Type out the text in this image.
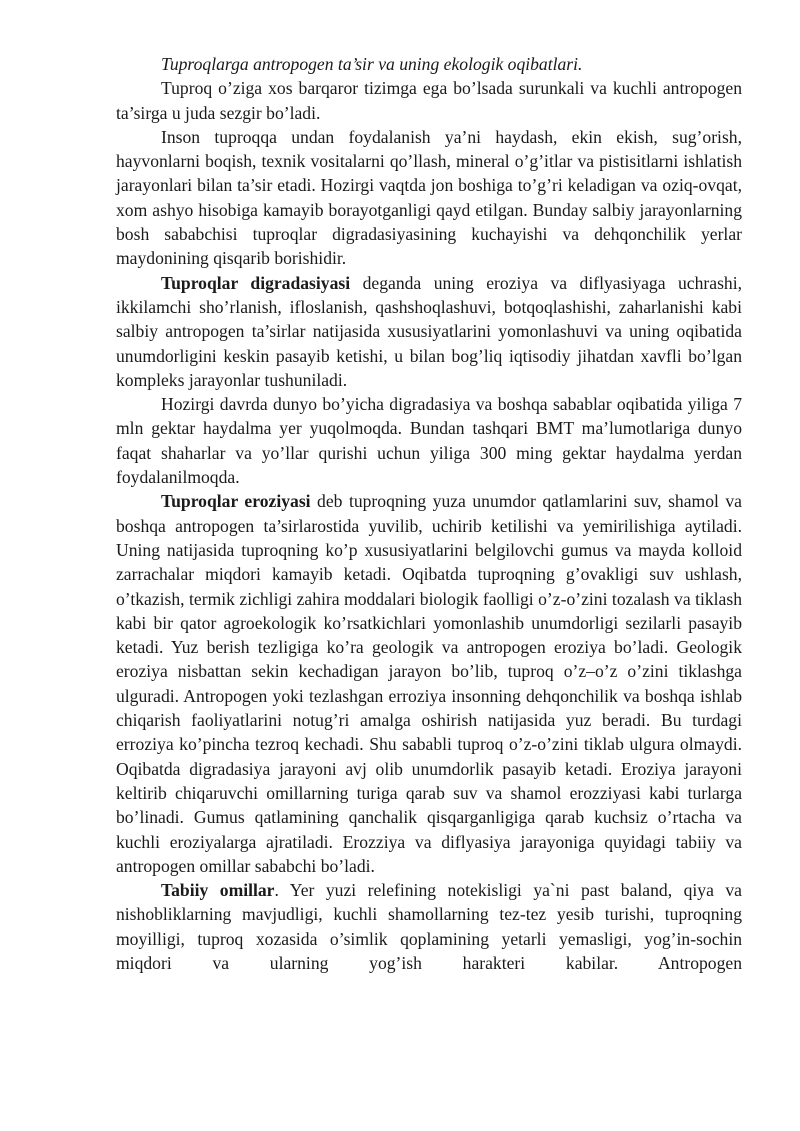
Tuproqlarga antropogen ta’sir va uning ekologik oqibatlari.

Tuproq o’ziga xos barqaror tizimga ega bo’lsada surunkali va kuchli antropogen ta’sirga u juda sezgir bo’ladi.

Inson tuproqqa undan foydalanish ya’ni haydash, ekin ekish, sug’orish, hayvonlarni boqish, texnik vositalarni qo’llash, mineral o’g’itlar va pistisitlarni ishlatish jarayonlari bilan ta’sir etadi. Hozirgi vaqtda jon boshiga to’g’ri keladigan va oziq-ovqat, xom ashyo hisobiga kamayib borayotganligi qayd etilgan. Bunday salbiy jarayonlarning bosh sababchisi tuproqlar digradasiyasining kuchayishi va dehqonchilik yerlar maydonining qisqarib borishidir.

Tuproqlar digradasiyasi deganda uning eroziya va diflyasiyaga uchrashi, ikkilamchi sho’rlanish, ifloslanish, qashshoqlashuvi, botqoqlashishi, zaharlanishi kabi salbiy antropogen ta’sirlar natijasida xususiyatlarini yomonlashuvi va uning oqibatida unumdorligini keskin pasayib ketishi, u bilan bog’liq iqtisodiy jihatdan xavfli bo’lgan kompleks jarayonlar tushuniladi.

Hozirgi davrda dunyo bo’yicha digradasiya va boshqa sabablar oqibatida yiliga 7 mln gektar haydalma yer yuqolmoqda. Bundan tashqari BMT ma’lumotlariga dunyo faqat shaharlar va yo’llar qurishi uchun yiliga 300 ming gektar haydalma yerdan foydalanilmoqda.

Tuproqlar eroziyasi deb tuproqning yuza unumdor qatlamlarini suv, shamol va boshqa antropogen ta’sirlarostida yuvilib, uchirib ketilishi va yemirilishiga aytiladi. Uning natijasida tuproqning ko’p xususiyatlarini belgilovchi gumus va mayda kolloid zarrachalar miqdori kamayib ketadi. Oqibatda tuproqning g’ovakligi suv ushlash, o’tkazish, termik zichligi zahira moddalari biologik faolligi o’z-o’zini tozalash va tiklash kabi bir qator agroekologik ko’rsatkichlari yomonlashib unumdorligi sezilarli pasayib ketadi. Yuz berish tezligiga ko’ra geologik va antropogen eroziya bo’ladi. Geologik eroziya nisbattan sekin kechadigan jarayon bo’lib, tuproq o’z–o’z o’zini tiklashga ulguradi. Antropogen yoki tezlashgan erroziya insonning dehqonchilik va boshqa ishlab chiqarish faoliyatlarini notug’ri amalga oshirish natijasida yuz beradi. Bu turdagi erroziya ko’pincha tezroq kechadi. Shu sababli tuproq o’z-o’zini tiklab ulgura olmaydi. Oqibatda digradasiya jarayoni avj olib unumdorlik pasayib ketadi. Eroziya jarayoni keltirib chiqaruvchi omillarning turiga qarab suv va shamol erozziyasi kabi turlarga bo’linadi. Gumus qatlamining qanchalik qisqarganligiga qarab kuchsiz o’rtacha va kuchli eroziyalarga ajratiladi. Erozziya va diflyasiya jarayoniga quyidagi tabiiy va antropogen omillar sababchi bo’ladi.

Tabiiy omillar. Yer yuzi relefining notekisligi ya`ni past baland, qiya va nishobliklarning mavjudligi, kuchli shamollarning tez-tez yesib turishi, tuproqning moyilligi, tuproq xozasida o’simlik qoplamining yetarli yemasligi, yog’in-sochin miqdori va ularning yog’ish harakteri kabilar. Antropogen
